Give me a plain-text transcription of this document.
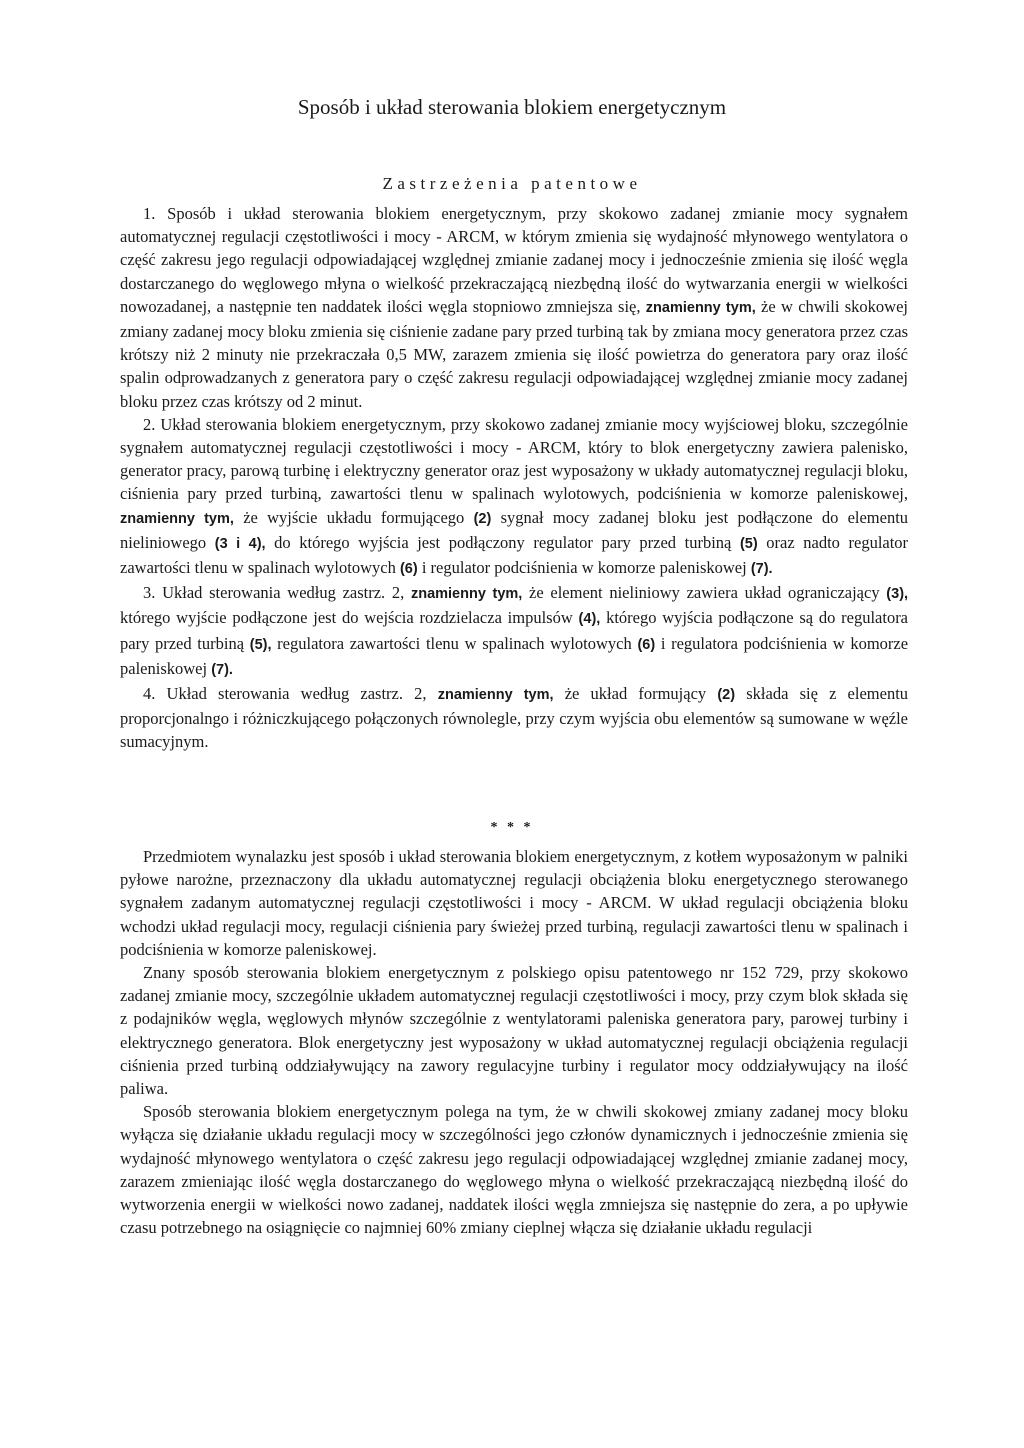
Sposób i układ sterowania blokiem energetycznym
Zastrzeżenia patentowe

1. Sposób i układ sterowania blokiem energetycznym, przy skokowo zadanej zmianie mocy sygnałem automatycznej regulacji częstotliwości i mocy - ARCM, w którym zmienia się wydajność młynowego wentylatora o część zakresu jego regulacji odpowiadającej względnej zmianie zadanej mocy i jednocześnie zmienia się ilość węgla dostarczanego do węglowego młyna o wielkość przekraczającą niezbędną ilość do wytwarzania energii w wielkości nowozadanej, a następnie ten naddatek ilości węgla stopniowo zmniejsza się, znamienny tym, że w chwili skokowej zmiany zadanej mocy bloku zmienia się ciśnienie zadane pary przed turbiną tak by zmiana mocy generatora przez czas krótszy niż 2 minuty nie przekraczała 0,5 MW, zarazem zmienia się ilość powietrza do generatora pary oraz ilość spalin odprowadzanych z generatora pary o część zakresu regulacji odpowiadającej względnej zmianie mocy zadanej bloku przez czas krótszy od 2 minut.

2. Układ sterowania blokiem energetycznym, przy skokowo zadanej zmianie mocy wyjściowej bloku, szczególnie sygnałem automatycznej regulacji częstotliwości i mocy - ARCM, który to blok energetyczny zawiera palenisko, generator pracy, parową turbinę i elektryczny generator oraz jest wyposażony w układy automatycznej regulacji bloku, ciśnienia pary przed turbiną, zawartości tlenu w spalinach wylotowych, podciśnienia w komorze paleniskowej, znamienny tym, że wyjście układu formującego (2) sygnał mocy zadanej bloku jest podłączone do elementu nieliniowego (3 i 4), do którego wyjścia jest podłączony regulator pary przed turbiną (5) oraz nadto regulator zawartości tlenu w spalinach wylotowych (6) i regulator podciśnienia w komorze paleniskowej (7).

3. Układ sterowania według zastrz. 2, znamienny tym, że element nieliniowy zawiera układ ograniczający (3), którego wyjście podłączone jest do wejścia rozdzielacza impulsów (4), którego wyjścia podłączone są do regulatora pary przed turbiną (5), regulatora zawartości tlenu w spalinach wylotowych (6) i regulatora podciśnienia w komorze paleniskowej (7).

4. Układ sterowania według zastrz. 2, znamienny tym, że układ formujący (2) składa się z elementu proporcjonalngo i różniczkującego połączonych równolegle, przy czym wyjścia obu elementów są sumowane w węźle sumacyjnym.

* * *

Przedmiotem wynalazku jest sposób i układ sterowania blokiem energetycznym, z kotłem wyposażonym w palniki pyłowe narożne, przeznaczony dla układu automatycznej regulacji obciążenia bloku energetycznego sterowanego sygnałem zadanym automatycznej regulacji częstotliwości i mocy - ARCM. W układ regulacji obciążenia bloku wchodzi układ regulacji mocy, regulacji ciśnienia pary świeżej przed turbiną, regulacji zawartości tlenu w spalinach i podciśnienia w komorze paleniskowej.

Znany sposób sterowania blokiem energetycznym z polskiego opisu patentowego nr 152 729, przy skokowo zadanej zmianie mocy, szczególnie układem automatycznej regulacji częstotliwości i mocy, przy czym blok składa się z podajników węgla, węglowych młynów szczególnie z wentylatorami paleniska generatora pary, parowej turbiny i elektrycznego generatora. Blok energetyczny jest wyposażony w układ automatycznej regulacji obciążenia regulacji ciśnienia przed turbiną oddziaływujący na zawory regulacyjne turbiny i regulator mocy oddziaływujący na ilość paliwa.

Sposób sterowania blokiem energetycznym polega na tym, że w chwili skokowej zmiany zadanej mocy bloku wyłącza się działanie układu regulacji mocy w szczególności jego członów dynamicznych i jednocześnie zmienia się wydajność młynowego wentylatora o część zakresu jego regulacji odpowiadającej względnej zmianie zadanej mocy, zarazem zmieniając ilość węgla dostarczanego do węglowego młyna o wielkość przekraczającą niezbędną ilość do wytworzenia energii w wielkości nowo zadanej, naddatek ilości węgla zmniejsza się następnie do zera, a po upływie czasu potrzebnego na osiągnięcie co najmniej 60% zmiany cieplnej włącza się działanie układu regulacji
